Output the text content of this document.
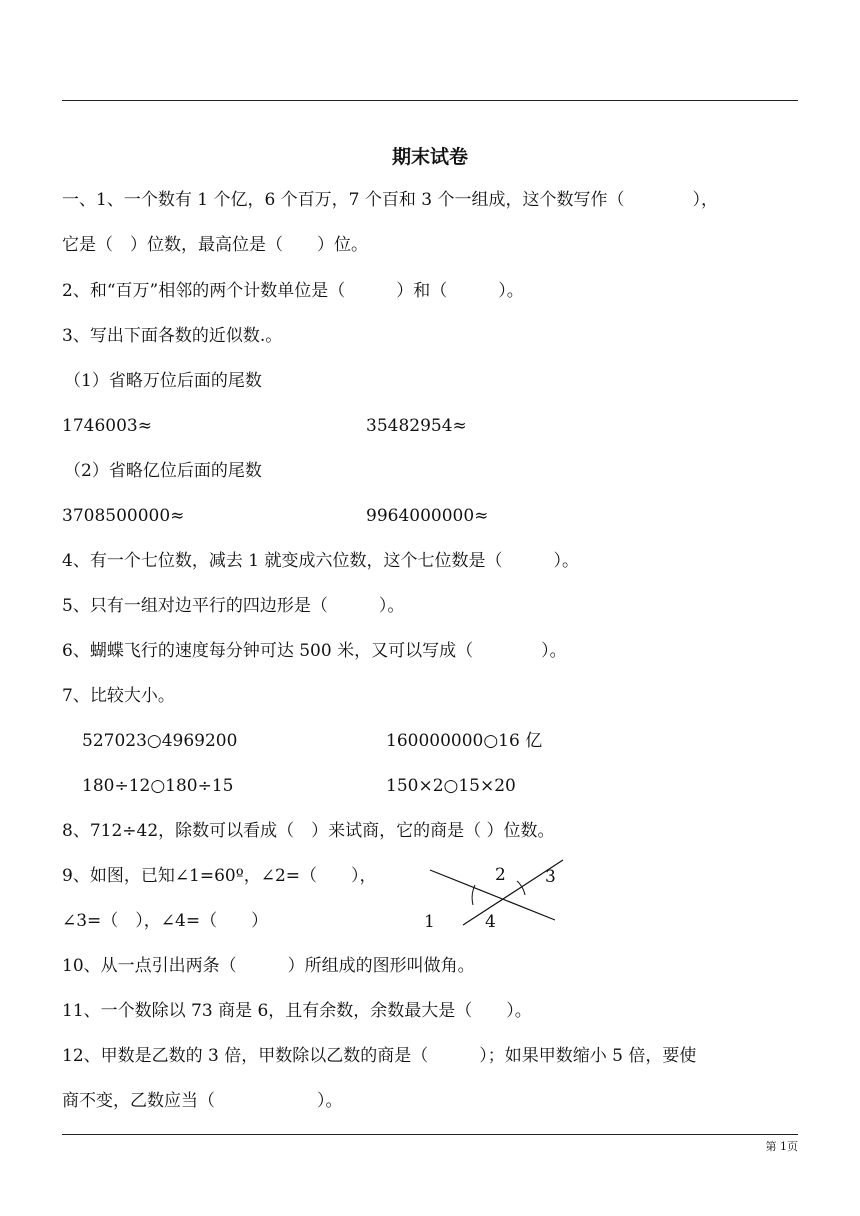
期末试卷
一、1、一个数有 1 个亿，6 个百万，7 个百和 3 个一组成，这个数写作（　　　　），
它是（　）位数，最高位是（　　）位。
2、和“百万”相邻的两个计数单位是（　　　）和（　　　）。
3、写出下面各数的近似数.。
（1）省略万位后面的尾数
1746003≈	35482954≈
（2）省略亿位后面的尾数
3708500000≈	9964000000≈
4、有一个七位数，减去 1 就变成六位数，这个七位数是（　　　）。
5、只有一组对边平行的四边形是（　　　）。
6、蝴蝶飞行的速度每分钟可达 500 米，又可以写成（　　　　）。
7、比较大小。
527023○4969200	160000000○16 亿
180÷12○180÷15	150×2○15×20
8、712÷42，除数可以看成（　）来试商，它的商是（ ）位数。
9、如图，已知∠1=60º，∠2=（　　），
∠3=（　），∠4=（　　）
2 3
1	4
10、从一点引出两条（　　　）所组成的图形叫做角。
11、一个数除以 73 商是 6，且有余数，余数最大是（　　）。
12、甲数是乙数的 3 倍，甲数除以乙数的商是（　　　）；如果甲数缩小 5 倍，要使
商不变，乙数应当（　　　　　　）。
第 1页
